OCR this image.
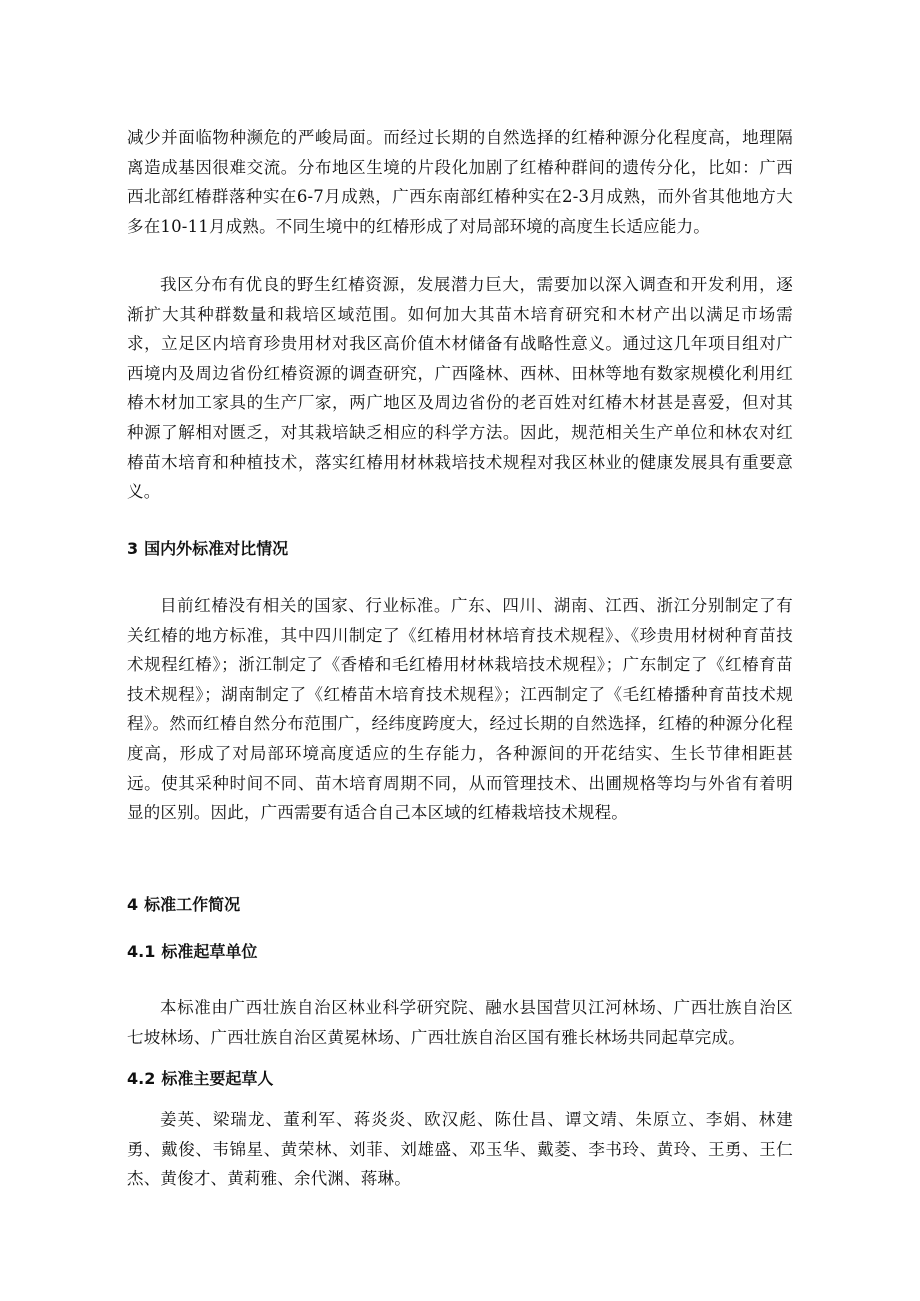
减少并面临物种濒危的严峻局面。而经过长期的自然选择的红椿种源分化程度高，地理隔离造成基因很难交流。分布地区生境的片段化加剧了红椿种群间的遗传分化，比如：广西西北部红椿群落种实在6-7月成熟，广西东南部红椿种实在2-3月成熟，而外省其他地方大多在10-11月成熟。不同生境中的红椿形成了对局部环境的高度生长适应能力。

我区分布有优良的野生红椿资源，发展潜力巨大，需要加以深入调查和开发利用，逐渐扩大其种群数量和栽培区域范围。如何加大其苗木培育研究和木材产出以满足市场需求，立足区内培育珍贵用材对我区高价值木材储备有战略性意义。通过这几年项目组对广西境内及周边省份红椿资源的调查研究，广西隆林、西林、田林等地有数家规模化利用红椿木材加工家具的生产厂家，两广地区及周边省份的老百姓对红椿木材甚是喜爱，但对其种源了解相对匮乏，对其栽培缺乏相应的科学方法。因此，规范相关生产单位和林农对红椿苗木培育和种植技术，落实红椿用材林栽培技术规程对我区林业的健康发展具有重要意义。

3 国内外标准对比情况

目前红椿没有相关的国家、行业标准。广东、四川、湖南、江西、浙江分别制定了有关红椿的地方标准，其中四川制定了《红椿用材林培育技术规程》、《珍贵用材树种育苗技术规程红椿》；浙江制定了《香椿和毛红椿用材林栽培技术规程》；广东制定了《红椿育苗技术规程》；湖南制定了《红椿苗木培育技术规程》；江西制定了《毛红椿播种育苗技术规程》。然而红椿自然分布范围广，经纬度跨度大，经过长期的自然选择，红椿的种源分化程度高，形成了对局部环境高度适应的生存能力，各种源间的开花结实、生长节律相距甚远。使其采种时间不同、苗木培育周期不同，从而管理技术、出圃规格等均与外省有着明显的区别。因此，广西需要有适合自己本区域的红椿栽培技术规程。

4 标准工作简况
4.1 标准起草单位

本标准由广西壮族自治区林业科学研究院、融水县国营贝江河林场、广西壮族自治区七坡林场、广西壮族自治区黄冕林场、广西壮族自治区国有雅长林场共同起草完成。

4.2 标准主要起草人

姜英、梁瑞龙、董利军、蒋炎炎、欧汉彪、陈仕昌、谭文靖、朱原立、李娟、林建勇、戴俊、韦锦星、黄荣林、刘菲、刘雄盛、邓玉华、戴菱、李书玲、黄玲、王勇、王仁杰、黄俊才、黄莉雅、余代渊、蒋琳。
